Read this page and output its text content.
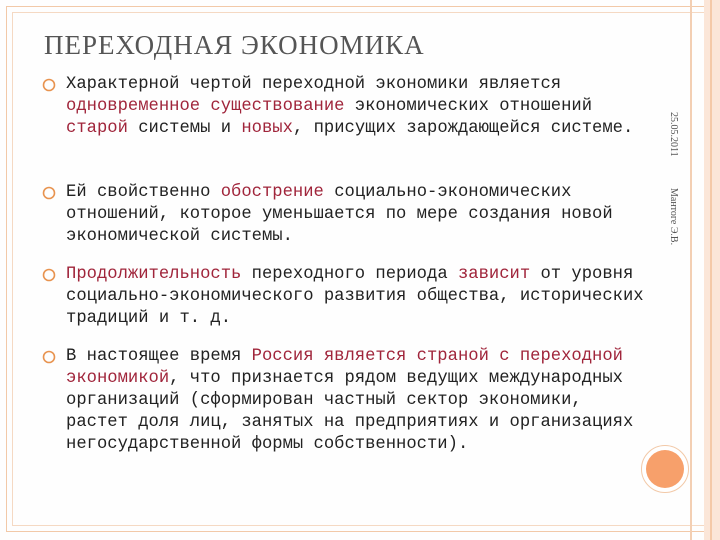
ПЕРЕХОДНАЯ ЭКОНОМИКА
Характерной чертой переходной экономики является одновременное существование экономических отношений старой системы и новых, присущих зарождающейся системе.
Ей свойственно обострение социально-экономических отношений, которое уменьшается по мере создания новой экономической системы.
Продолжительность переходного периода зависит от уровня социально-экономического развития общества, исторических традиций и т. д.
В настоящее время Россия является страной с переходной экономикой, что признается рядом ведущих международных организаций (сформирован частный сектор экономики, растет доля лиц, занятых на предприятиях и организациях негосударственной формы собственности).
25.05.2011
Мантоге Э.В.
